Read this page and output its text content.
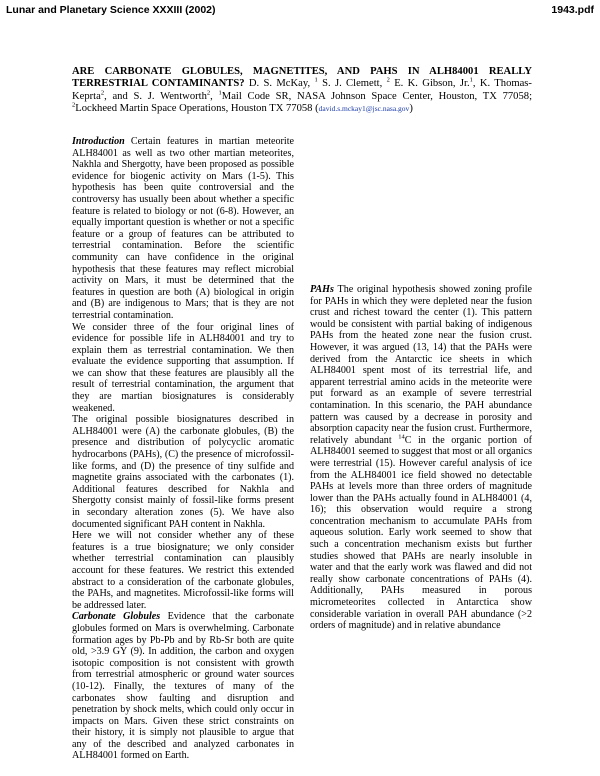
Lunar and Planetary Science XXXIII (2002)	1943.pdf
ARE CARBONATE GLOBULES, MAGNETITES, AND PAHS IN ALH84001 REALLY TERRESTRIAL CONTAMINANTS? D. S. McKay, $^1$ S. J. Clemett, $^2$ E. K. Gibson, Jr.$^1$, K. Thomas-Keprta$^2$, and S. J. Wentworth$^2$, $^1$Mail Code SR, NASA Johnson Space Center, Houston, TX 77058; $^2$Lockheed Martin Space Operations, Houston TX 77058 (david.s.mckay1@jsc.nasa.gov)

Introduction Certain features in martian meteorite ALH84001 as well as two other martian meteorites, Nakhla and Shergotty, have been proposed as possible evidence for biogenic activity on Mars (1-5). This hypothesis has been quite controversial and the controversy has usually been about whether a specific feature is related to biology or not (6-8). However, an equally important question is whether or not a specific feature or a group of features can be attributed to terrestrial contamination. Before the scientific community can have confidence in the original hypothesis that these features may reflect microbial activity on Mars, it must be determined that the features in question are both (A) biological in origin and (B) are indigenous to Mars; that is they are not terrestrial contamination.

We consider three of the four original lines of evidence for possible life in ALH84001 and try to explain them as terrestrial contamination. We then evaluate the evidence supporting that assumption. If we can show that these features are plausibly all the result of terrestrial contamination, the argument that they are martian biosignatures is considerably weakened.

The original possible biosignatures described in ALH84001 were (A) the carbonate globules, (B) the presence and distribution of polycyclic aromatic hydrocarbons (PAHs), (C) the presence of microfossil-like forms, and (D) the presence of tiny sulfide and magnetite grains associated with the carbonates (1). Additional features described for Nakhla and Shergotty consist mainly of fossil-like forms present in secondary alteration zones (5). We have also documented significant PAH content in Nakhla.

Here we will not consider whether any of these features is a true biosignature; we only consider whether terrestrial contamination can plausibly account for these features. We restrict this extended abstract to a consideration of the carbonate globules, the PAHs, and magnetites. Microfossil-like forms will be addressed later.

Carbonate Globules Evidence that the carbonate globules formed on Mars is overwhelming. Carbonate formation ages by Pb-Pb and by Rb-Sr both are quite old, >3.9 GY (9). In addition, the carbon and oxygen isotopic composition is not consistent with growth from terrestrial atmospheric or ground water sources (10-12). Finally, the textures of many of the carbonates show faulting and disruption and penetration by shock melts, which could only occur in impacts on Mars. Given these strict constraints on their history, it is simply not plausible to argue that any of the described and analyzed carbonates in ALH84001 formed on Earth.

PAHs The original hypothesis showed zoning profile for PAHs in which they were depleted near the fusion crust and richest toward the center (1). This pattern would be consistent with partial baking of indigenous PAHs from the heated zone near the fusion crust. However, it was argued (13, 14) that the PAHs were derived from the Antarctic ice sheets in which ALH84001 spent most of its terrestrial life, and apparent terrestrial amino acids in the meteorite were put forward as an example of severe terrestrial contamination. In this scenario, the PAH abundance pattern was caused by a decrease in porosity and absorption capacity near the fusion crust. Furthermore, relatively abundant $^{14}$C in the organic portion of ALH84001 seemed to suggest that most or all organics were terrestrial (15). However careful analysis of ice from the ALH84001 ice field showed no detectable PAHs at levels more than three orders of magnitude lower than the PAHs actually found in ALH84001 (4, 16); this observation would require a strong concentration mechanism to accumulate PAHs from aqueous solution. Early work seemed to show that such a concentration mechanism exists but further studies showed that PAHs are nearly insoluble in water and that the early work was flawed and did not really show carbonate concentrations of PAHs (4). Additionally, PAHs measured in porous micrometeorites collected in Antarctica show considerable variation in overall PAH abundance (>2 orders of magnitude) and in relative abundance
